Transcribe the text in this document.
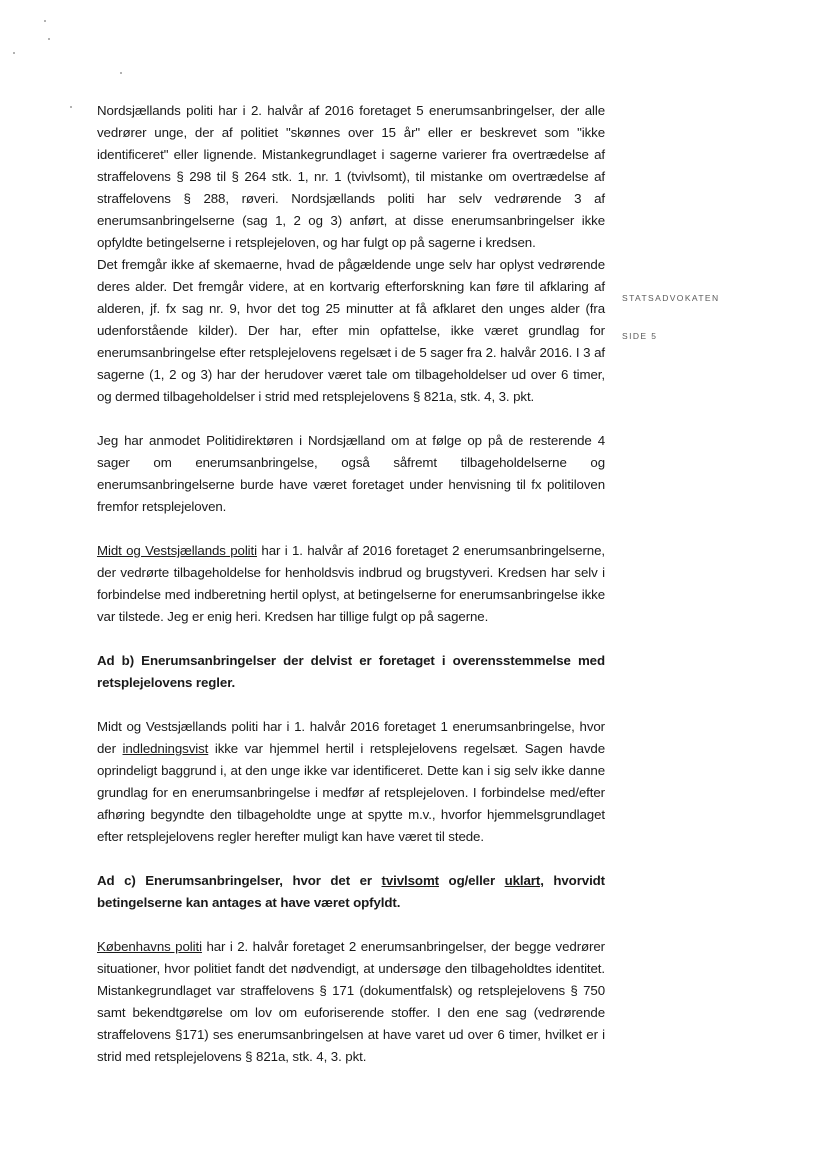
STATSADVOKATEN
SIDE 5

Nordsjællands politi har i 2. halvår af 2016 foretaget 5 enerumsanbringelser, der alle vedrører unge, der af politiet "skønnes over 15 år" eller er beskrevet som "ikke identificeret" eller lignende. Mistankegrundlaget i sagerne varierer fra overtrædelse af straffelovens § 298 til § 264 stk. 1, nr. 1 (tvivlsomt), til mistanke om overtrædelse af straffelovens § 288, røveri. Nordsjællands politi har selv vedrørende 3 af enerumsanbringelserne (sag 1, 2 og 3) anført, at disse enerumsanbringelser ikke opfyldte betingelserne i retsplejeloven, og har fulgt op på sagerne i kredsen.

Det fremgår ikke af skemaerne, hvad de pågældende unge selv har oplyst vedrørende deres alder. Det fremgår videre, at en kortvarig efterforskning kan føre til afklaring af alderen, jf. fx sag nr. 9, hvor det tog 25 minutter at få afklaret den unges alder (fra udenforstående kilder). Der har, efter min opfattelse, ikke været grundlag for enerumsanbringelse efter retsplejelovens regelsæt i de 5 sager fra 2. halvår 2016. I 3 af sagerne (1, 2 og 3) har der herudover været tale om tilbageholdelser ud over 6 timer, og dermed tilbageholdelser i strid med retsplejelovens § 821a, stk. 4, 3. pkt.

Jeg har anmodet Politidirektøren i Nordsjælland om at følge op på de resterende 4 sager om enerumsanbringelse, også såfremt tilbageholdelserne og enerumsanbringelserne burde have været foretaget under henvisning til fx politiloven fremfor retsplejeloven.

Midt og Vestsjællands politi har i 1. halvår af 2016 foretaget 2 enerumsanbringelserne, der vedrørte tilbageholdelse for henholdsvis indbrud og brugstyveri. Kredsen har selv i forbindelse med indberetning hertil oplyst, at betingelserne for enerumsanbringelse ikke var tilstede. Jeg er enig heri. Kredsen har tillige fulgt op på sagerne.

Ad b) Enerumsanbringelser der delvist er foretaget i overensstemmelse med retsplejelovens regler.

Midt og Vestsjællands politi har i 1. halvår 2016 foretaget 1 enerumsanbringelse, hvor der indledningsvist ikke var hjemmel hertil i retsplejelovens regelsæt. Sagen havde oprindeligt baggrund i, at den unge ikke var identificeret. Dette kan i sig selv ikke danne grundlag for en enerumsanbringelse i medfør af retsplejeloven. I forbindelse med/efter afhøring begyndte den tilbageholdte unge at spytte m.v., hvorfor hjemmelsgrundlaget efter retsplejelovens regler herefter muligt kan have været til stede.

Ad c) Enerumsanbringelser, hvor det er tvivlsomt og/eller uklart, hvorvidt betingelserne kan antages at have været opfyldt.

Københavns politi har i 2. halvår foretaget 2 enerumsanbringelser, der begge vedrører situationer, hvor politiet fandt det nødvendigt, at undersøge den tilbageholdtes identitet. Mistankegrundlaget var straffelovens § 171 (dokumentfalsk) og retsplejelovens § 750 samt bekendtgørelse om lov om euforiserende stoffer. I den ene sag (vedrørende straffelovens §171) ses enerumsanbringelsen at have varet ud over 6 timer, hvilket er i strid med retsplejelovens § 821a, stk. 4, 3. pkt.
